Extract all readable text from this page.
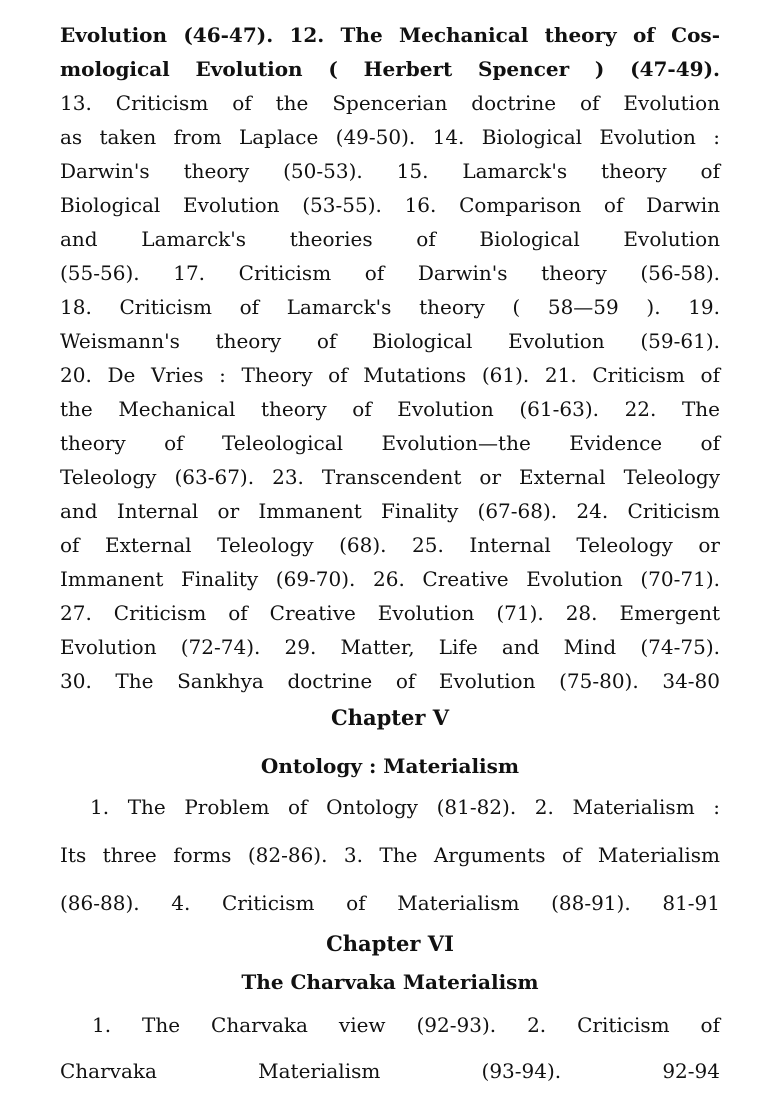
Evolution (46-47). 12. The Mechanical theory of Cos-
mological Evolution ( Herbert Spencer ) (47-49).
13. Criticism of the Spencerian doctrine of Evolution
as taken from Laplace (49-50). 14. Biological Evolution :
Darwin's theory (50-53). 15. Lamarck's theory of
Biological Evolution (53-55). 16. Comparison of Darwin
and Lamarck's theories of Biological Evolution
(55-56). 17. Criticism of Darwin's theory (56-58).
18. Criticism of Lamarck's theory ( 58—59 ). 19.
Weismann's theory of Biological Evolution (59-61).
20. De Vries : Theory of Mutations (61). 21. Criticism of
the Mechanical theory of Evolution (61-63). 22. The
theory of Teleological Evolution—the Evidence of
Teleology (63-67). 23. Transcendent or External Teleology
and Internal or Immanent Finality (67-68). 24. Criticism
of External Teleology (68). 25. Internal Teleology or
Immanent Finality (69-70). 26. Creative Evolution (70-71).
27. Criticism of Creative Evolution (71). 28. Emergent
Evolution (72-74). 29. Matter, Life and Mind (74-75).
30. The Sankhya doctrine of Evolution (75-80). 34-80
Chapter V
Ontology : Materialism
1. The Problem of Ontology (81-82). 2. Materialism :
Its three forms (82-86). 3. The Arguments of Materialism
(86-88). 4. Criticism of Materialism (88-91). 81-91
Chapter VI
The Charvaka Materialism
1. The Charvaka view (92-93). 2. Criticism of
Charvaka Materialism (93-94). 92-94
